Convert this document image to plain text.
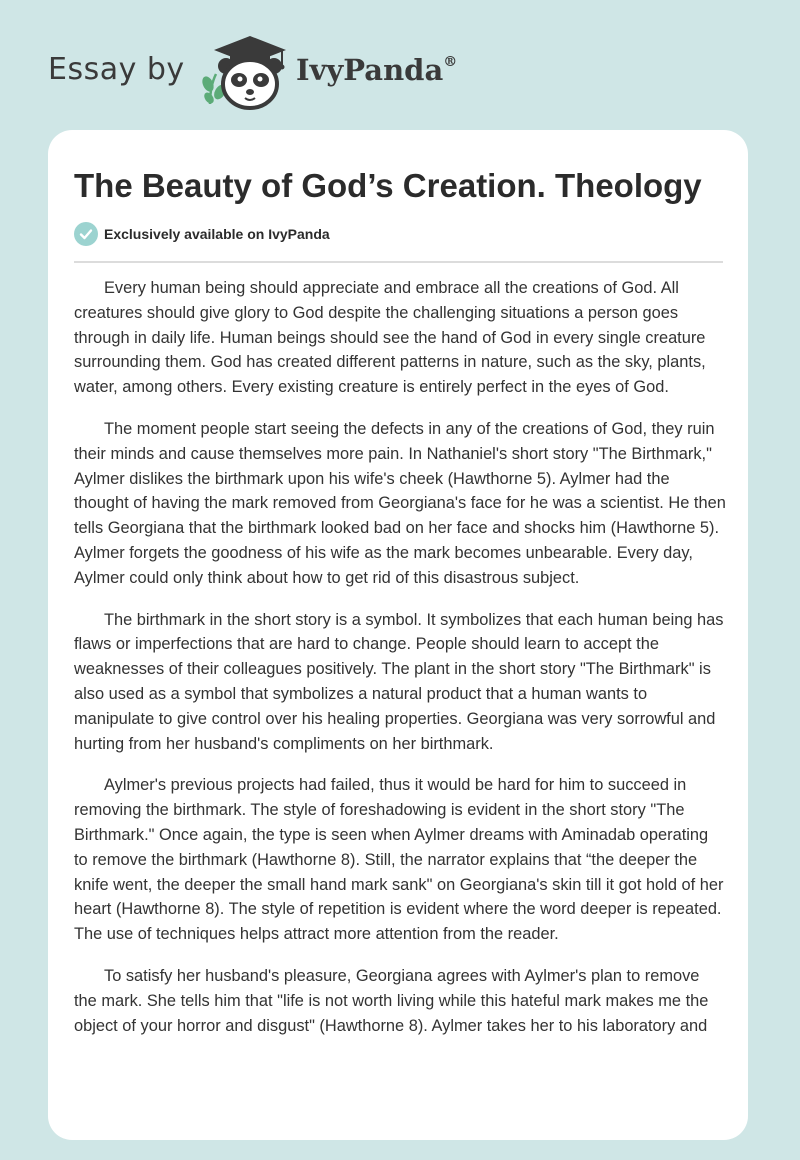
Essay by	IvyPanda®
The Beauty of God’s Creation. Theology
Exclusively available on IvyPanda

Every human being should appreciate and embrace all the creations of God. All creatures should give glory to God despite the challenging situations a person goes through in daily life. Human beings should see the hand of God in every single creature surrounding them. God has created different patterns in nature, such as the sky, plants, water, among others. Every existing creature is entirely perfect in the eyes of God.

The moment people start seeing the defects in any of the creations of God, they ruin their minds and cause themselves more pain. In Nathaniel's short story "The Birthmark," Aylmer dislikes the birthmark upon his wife's cheek (Hawthorne 5). Aylmer had the thought of having the mark removed from Georgiana's face for he was a scientist. He then tells Georgiana that the birthmark looked bad on her face and shocks him (Hawthorne 5). Aylmer forgets the goodness of his wife as the mark becomes unbearable. Every day, Aylmer could only think about how to get rid of this disastrous subject.

The birthmark in the short story is a symbol. It symbolizes that each human being has flaws or imperfections that are hard to change. People should learn to accept the weaknesses of their colleagues positively. The plant in the short story "The Birthmark" is also used as a symbol that symbolizes a natural product that a human wants to manipulate to give control over his healing properties. Georgiana was very sorrowful and hurting from her husband's compliments on her birthmark.

Aylmer's previous projects had failed, thus it would be hard for him to succeed in removing the birthmark. The style of foreshadowing is evident in the short story "The Birthmark." Once again, the type is seen when Aylmer dreams with Aminadab operating to remove the birthmark (Hawthorne 8). Still, the narrator explains that “the deeper the knife went, the deeper the small hand mark sank" on Georgiana's skin till it got hold of her heart (Hawthorne 8). The style of repetition is evident where the word deeper is repeated. The use of techniques helps attract more attention from the reader.

To satisfy her husband's pleasure, Georgiana agrees with Aylmer's plan to remove the mark. She tells him that "life is not worth living while this hateful mark makes me the object of your horror and disgust" (Hawthorne 8). Aylmer takes her to his laboratory and
